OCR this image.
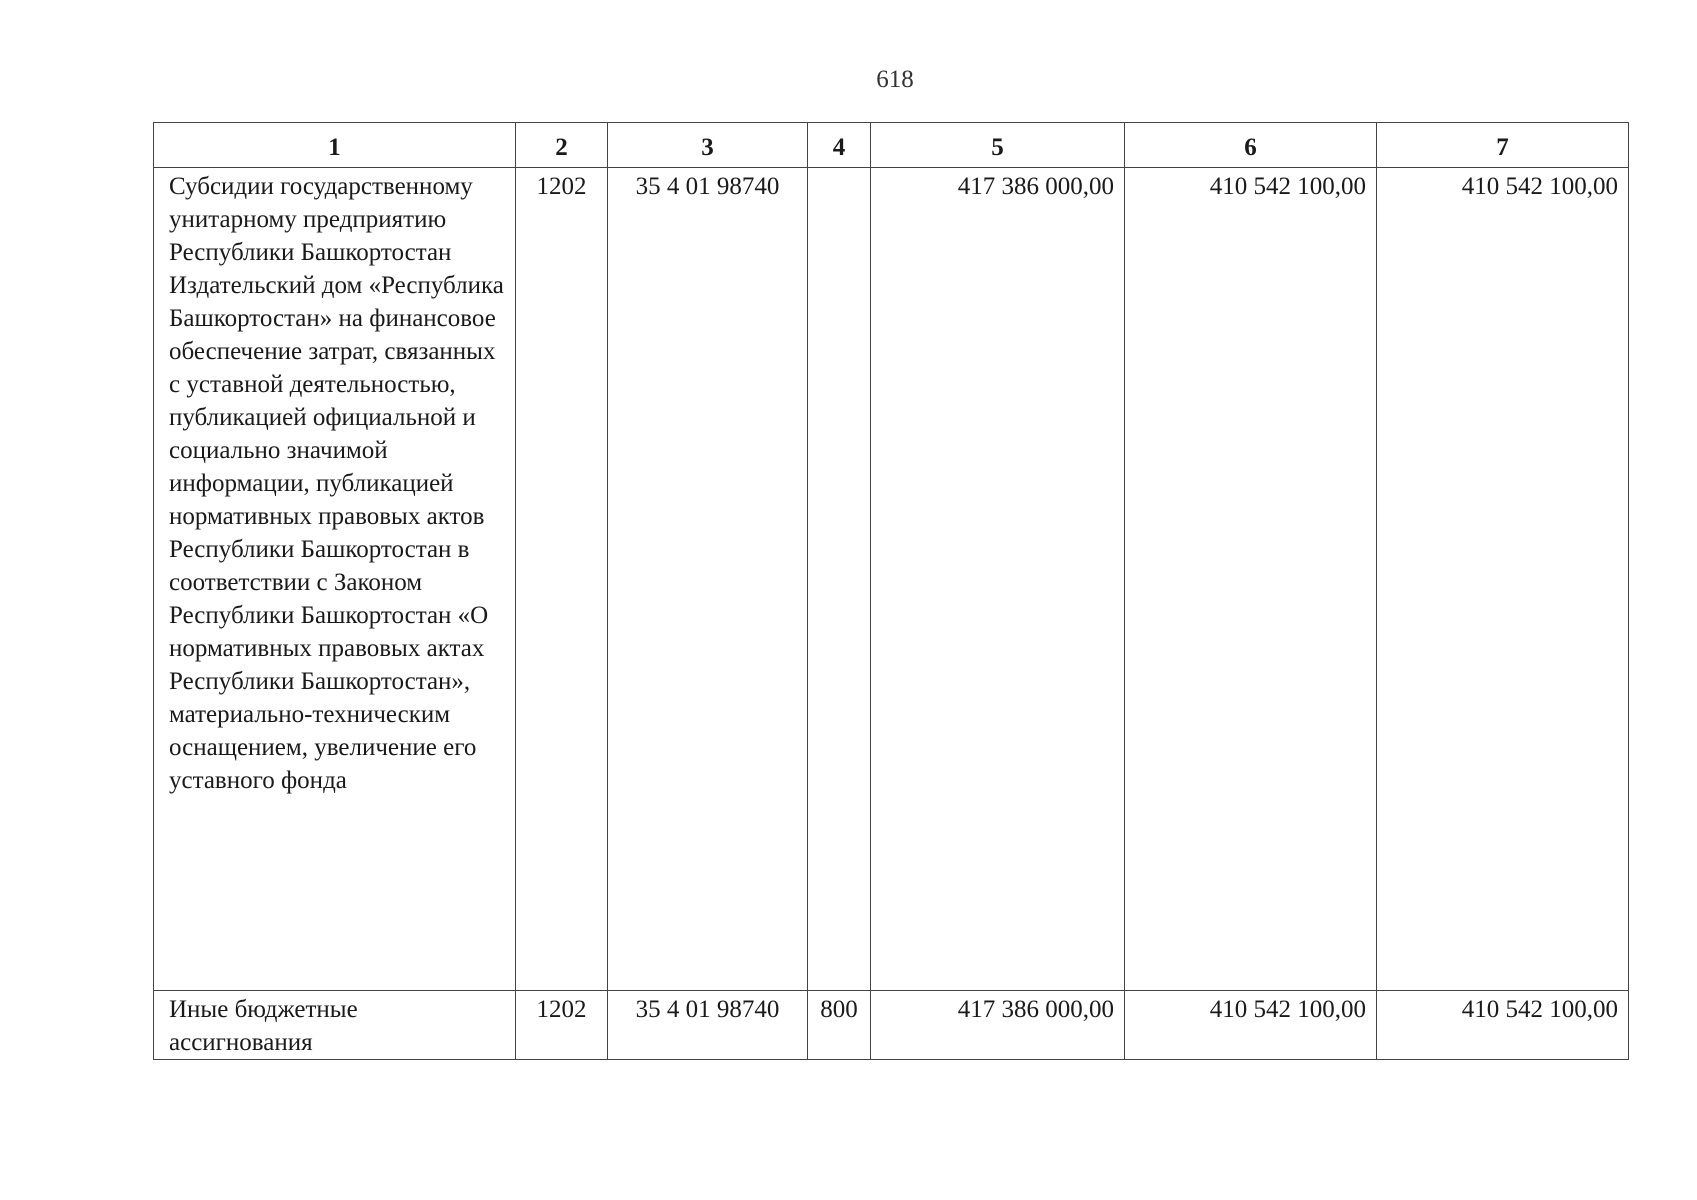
618
1	2	3	4	5	6	7
Субсидии государственному унитарному предприятию Республики Башкортостан Издательский дом «Республика Башкортостан» на финансовое обеспечение затрат, связанных с уставной деятельностью, публикацией официальной и социально значимой информации, публикацией нормативных правовых актов Республики Башкортостан в соответствии с Законом Республики Башкортостан «О нормативных правовых актах Республики Башкортостан», материально-техническим оснащением, увеличение его уставного фонда	1202	35 4 01 98740		417 386 000,00	410 542 100,00	410 542 100,00
Иные бюджетные ассигнования	1202	35 4 01 98740	800	417 386 000,00	410 542 100,00	410 542 100,00
